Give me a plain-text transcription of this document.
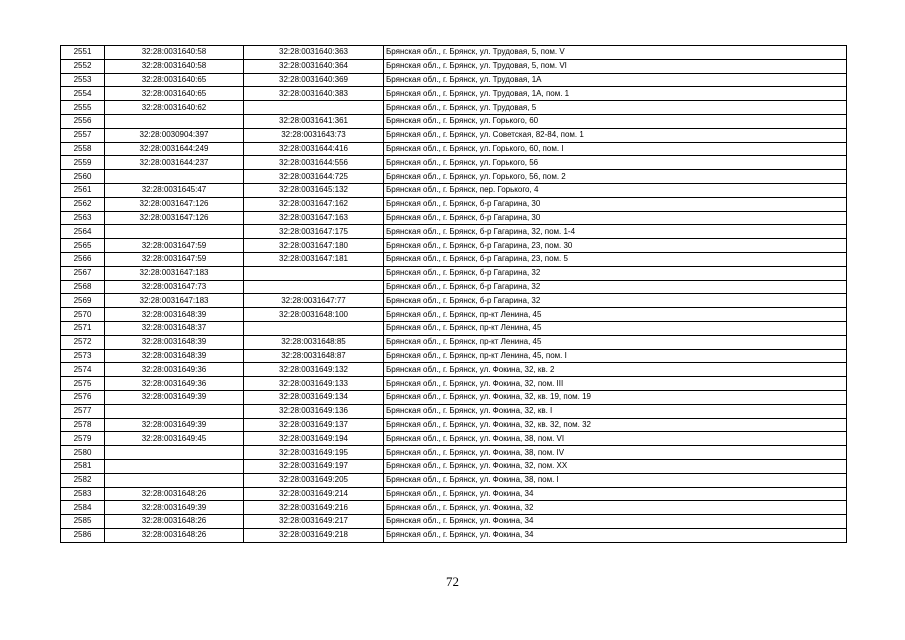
2551	32:28:0031640:58	32:28:0031640:363	Брянская обл., г. Брянск, ул. Трудовая, 5, пом. V
2552	32:28:0031640:58	32:28:0031640:364	Брянская обл., г. Брянск, ул. Трудовая, 5, пом. VI
2553	32:28:0031640:65	32:28:0031640:369	Брянская обл., г. Брянск, ул. Трудовая, 1А
2554	32:28:0031640:65	32:28:0031640:383	Брянская обл., г. Брянск, ул. Трудовая, 1А, пом. 1
2555	32:28:0031640:62		Брянская обл., г. Брянск, ул. Трудовая, 5
2556		32:28:0031641:361	Брянская обл., г. Брянск, ул. Горького, 60
2557	32:28:0030904:397	32:28:0031643:73	Брянская обл., г. Брянск, ул. Советская, 82-84, пом. 1
2558	32:28:0031644:249	32:28:0031644:416	Брянская обл., г. Брянск, ул. Горького, 60, пом. I
2559	32:28:0031644:237	32:28:0031644:556	Брянская обл., г. Брянск, ул. Горького, 56
2560		32:28:0031644:725	Брянская обл., г. Брянск, ул. Горького, 56, пом. 2
2561	32:28:0031645:47	32:28:0031645:132	Брянская обл., г. Брянск, пер. Горького, 4
2562	32:28:0031647:126	32:28:0031647:162	Брянская обл., г. Брянск, б-р Гагарина, 30
2563	32:28:0031647:126	32:28:0031647:163	Брянская обл., г. Брянск, б-р Гагарина, 30
2564		32:28:0031647:175	Брянская обл., г. Брянск, б-р Гагарина, 32, пом. 1-4
2565	32:28:0031647:59	32:28:0031647:180	Брянская обл., г. Брянск, б-р Гагарина, 23, пом. 30
2566	32:28:0031647:59	32:28:0031647:181	Брянская обл., г. Брянск, б-р Гагарина, 23, пом. 5
2567	32:28:0031647:183		Брянская обл., г. Брянск, б-р Гагарина, 32
2568	32:28:0031647:73		Брянская обл., г. Брянск, б-р Гагарина, 32
2569	32:28:0031647:183	32:28:0031647:77	Брянская обл., г. Брянск, б-р Гагарина, 32
2570	32:28:0031648:39	32:28:0031648:100	Брянская обл., г. Брянск, пр-кт Ленина, 45
2571	32:28:0031648:37		Брянская обл., г. Брянск, пр-кт Ленина, 45
2572	32:28:0031648:39	32:28:0031648:85	Брянская обл., г. Брянск, пр-кт Ленина, 45
2573	32:28:0031648:39	32:28:0031648:87	Брянская обл., г. Брянск, пр-кт Ленина, 45, пом. I
2574	32:28:0031649:36	32:28:0031649:132	Брянская обл., г. Брянск, ул. Фокина, 32, кв. 2
2575	32:28:0031649:36	32:28:0031649:133	Брянская обл., г. Брянск, ул. Фокина, 32, пом. III
2576	32:28:0031649:39	32:28:0031649:134	Брянская обл., г. Брянск, ул. Фокина, 32, кв. 19, пом. 19
2577		32:28:0031649:136	Брянская обл., г. Брянск, ул. Фокина, 32, кв. I
2578	32:28:0031649:39	32:28:0031649:137	Брянская обл., г. Брянск, ул. Фокина, 32, кв. 32, пом. 32
2579	32:28:0031649:45	32:28:0031649:194	Брянская обл., г. Брянск, ул. Фокина, 38, пом. VI
2580		32:28:0031649:195	Брянская обл., г. Брянск, ул. Фокина, 38, пом. IV
2581		32:28:0031649:197	Брянская обл., г. Брянск, ул. Фокина, 32, пом. XX
2582		32:28:0031649:205	Брянская обл., г. Брянск, ул. Фокина, 38, пом. I
2583	32:28:0031648:26	32:28:0031649:214	Брянская обл., г. Брянск, ул. Фокина, 34
2584	32:28:0031649:39	32:28:0031649:216	Брянская обл., г. Брянск, ул. Фокина, 32
2585	32:28:0031648:26	32:28:0031649:217	Брянская обл., г. Брянск, ул. Фокина, 34
2586	32:28:0031648:26	32:28:0031649:218	Брянская обл., г. Брянск, ул. Фокина, 34
72
